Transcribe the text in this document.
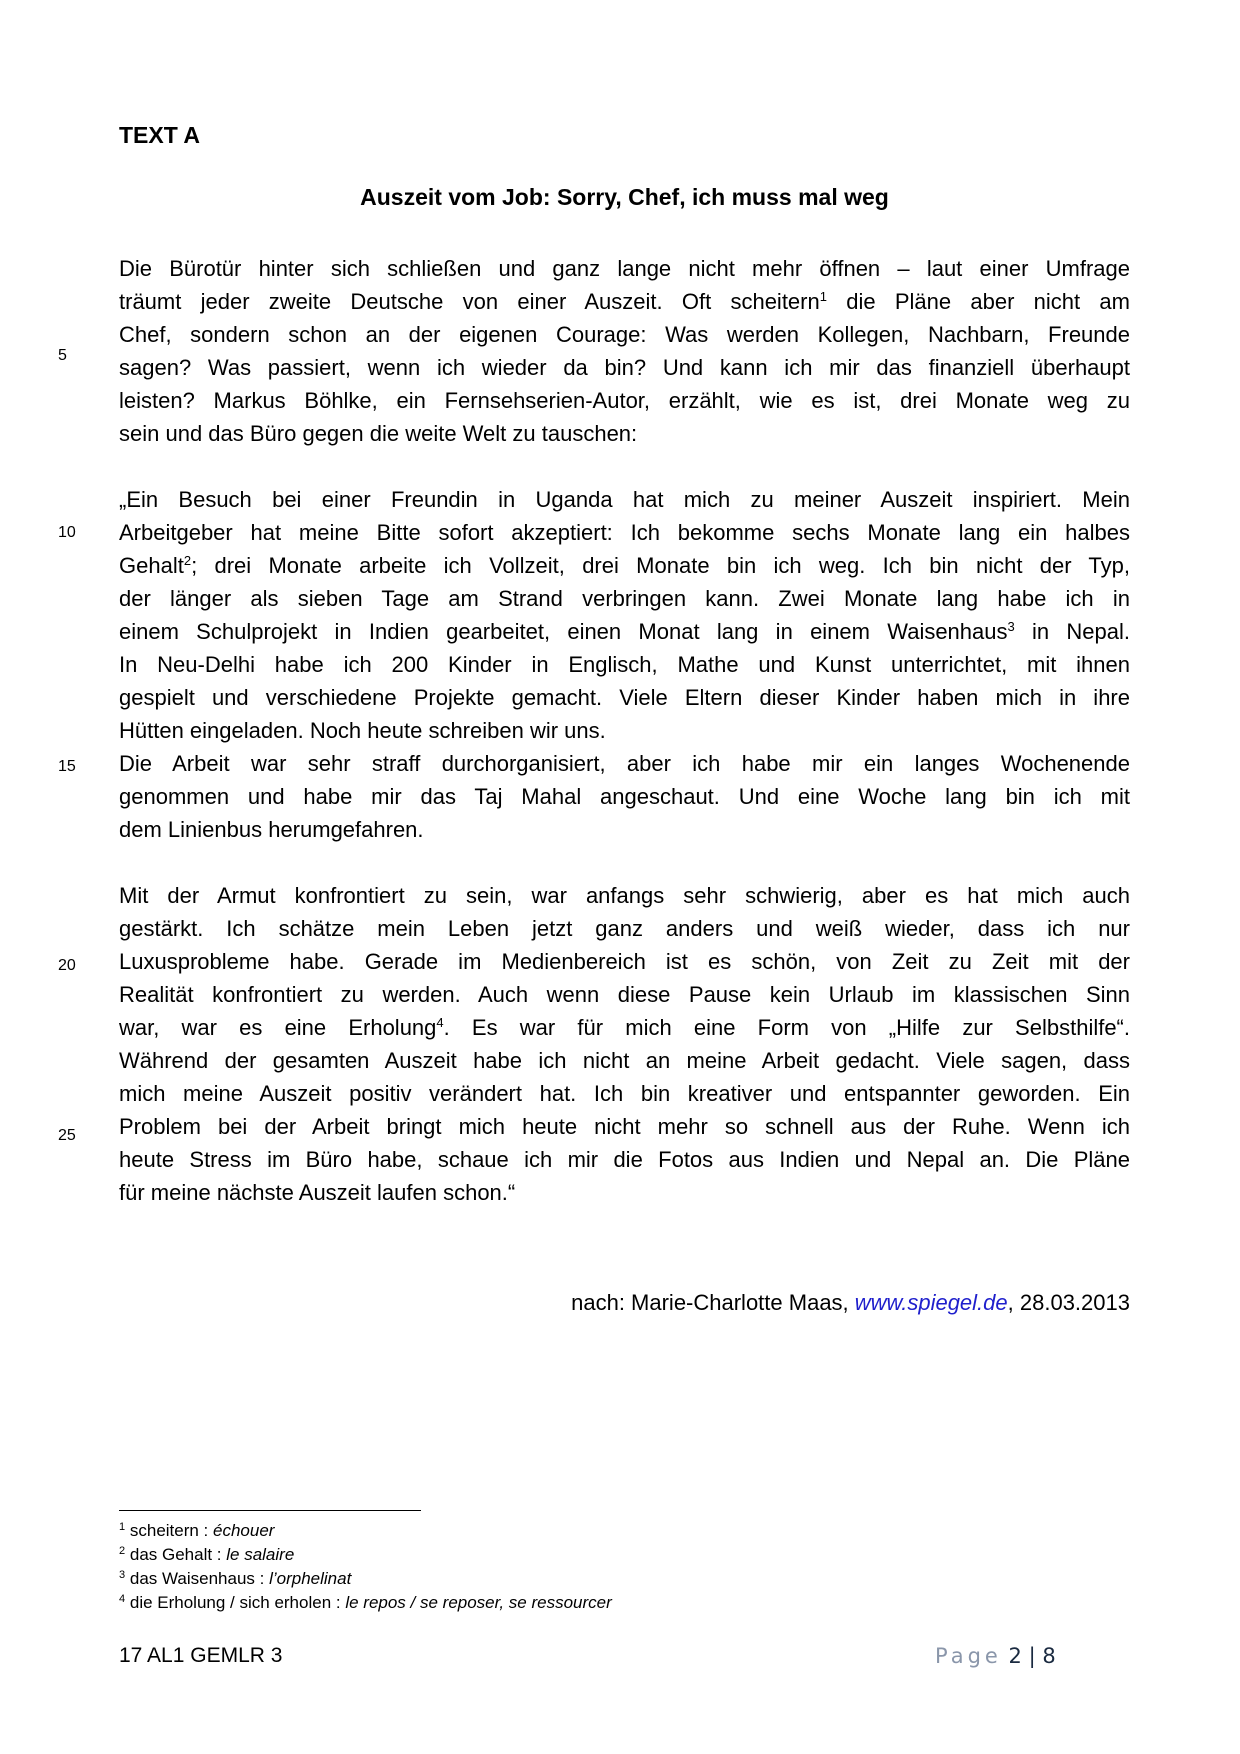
TEXT A
Auszeit vom Job: Sorry, Chef, ich muss mal weg
5
10
15
20
25

Die Bürotür hinter sich schließen und ganz lange nicht mehr öffnen – laut einer Umfrage
träumt jeder zweite Deutsche von einer Auszeit. Oft scheitern$^1$ die Pläne aber nicht am
Chef, sondern schon an der eigenen Courage: Was werden Kollegen, Nachbarn, Freunde
sagen? Was passiert, wenn ich wieder da bin? Und kann ich mir das finanziell überhaupt
leisten? Markus Böhlke, ein Fernsehserien-Autor, erzählt, wie es ist, drei Monate weg zu
sein und das Büro gegen die weite Welt zu tauschen:

„Ein Besuch bei einer Freundin in Uganda hat mich zu meiner Auszeit inspiriert. Mein
Arbeitgeber hat meine Bitte sofort akzeptiert: Ich bekomme sechs Monate lang ein halbes
Gehalt$^2$; drei Monate arbeite ich Vollzeit, drei Monate bin ich weg. Ich bin nicht der Typ,
der länger als sieben Tage am Strand verbringen kann. Zwei Monate lang habe ich in
einem Schulprojekt in Indien gearbeitet, einen Monat lang in einem Waisenhaus$^3$ in Nepal.
In Neu-Delhi habe ich 200 Kinder in Englisch, Mathe und Kunst unterrichtet, mit ihnen
gespielt und verschiedene Projekte gemacht. Viele Eltern dieser Kinder haben mich in ihre
Hütten eingeladen. Noch heute schreiben wir uns.
Die Arbeit war sehr straff durchorganisiert, aber ich habe mir ein langes Wochenende
genommen und habe mir das Taj Mahal angeschaut. Und eine Woche lang bin ich mit
dem Linienbus herumgefahren.

Mit der Armut konfrontiert zu sein, war anfangs sehr schwierig, aber es hat mich auch
gestärkt. Ich schätze mein Leben jetzt ganz anders und weiß wieder, dass ich nur
Luxusprobleme habe. Gerade im Medienbereich ist es schön, von Zeit zu Zeit mit der
Realität konfrontiert zu werden. Auch wenn diese Pause kein Urlaub im klassischen Sinn
war, war es eine Erholung$^4$. Es war für mich eine Form von „Hilfe zur Selbsthilfe“.
Während der gesamten Auszeit habe ich nicht an meine Arbeit gedacht. Viele sagen, dass
mich meine Auszeit positiv verändert hat. Ich bin kreativer und entspannter geworden. Ein
Problem bei der Arbeit bringt mich heute nicht mehr so schnell aus der Ruhe. Wenn ich
heute Stress im Büro habe, schaue ich mir die Fotos aus Indien und Nepal an. Die Pläne
für meine nächste Auszeit laufen schon.“

nach: Marie-Charlotte Maas, www.spiegel.de, 28.03.2013
$^1$ scheitern : échouer
$^2$ das Gehalt : le salaire
$^3$ das Waisenhaus : l’orphelinat
$^4$ die Erholung / sich erholen : le repos / se reposer, se ressourcer
17 AL1 GEMLR 3	Page 2 | 8
